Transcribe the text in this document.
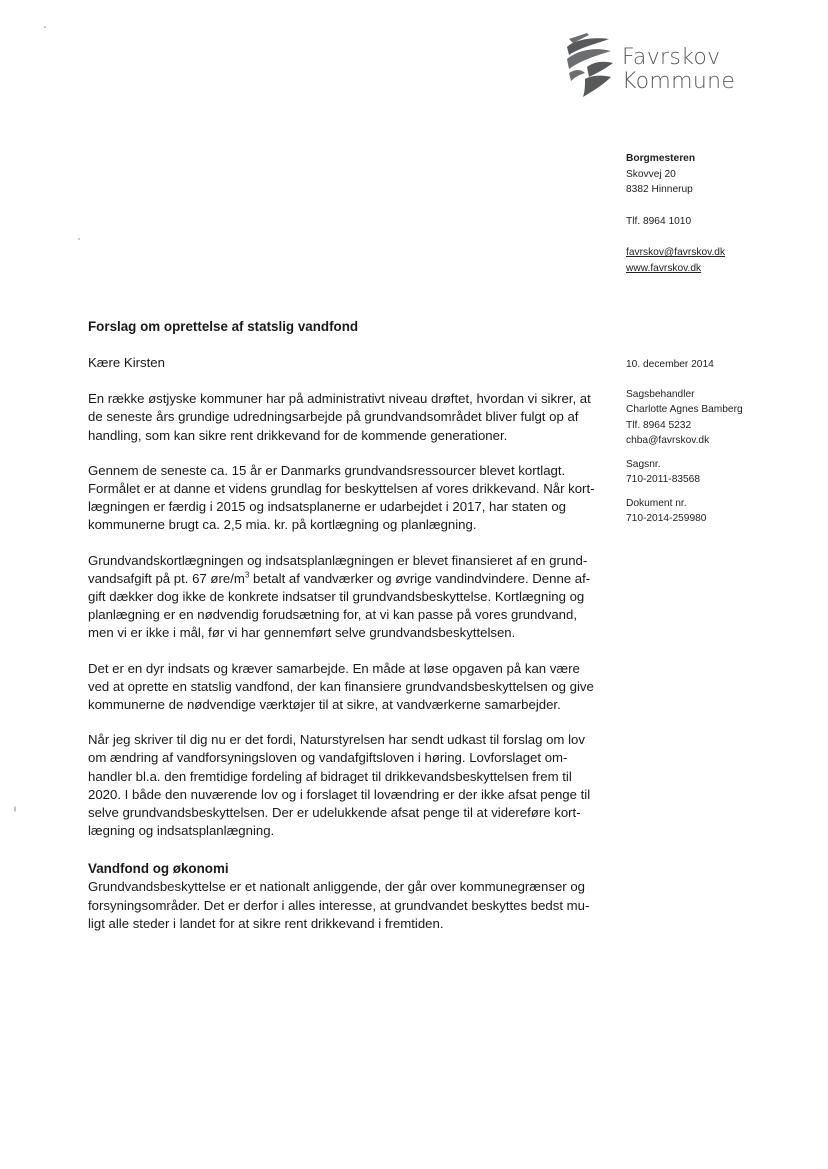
Favrskov
Kommune
Borgmesteren
Skovvej 20
8382 Hinnerup
Tlf. 8964 1010
favrskov@favrskov.dk
www.favrskov.dk
10. december 2014
Sagsbehandler
Charlotte Agnes Bamberg
Tlf. 8964 5232
chba@favrskov.dk
Sagsnr.
710-2011-83568
Dokument nr.
710-2014-259980
Forslag om oprettelse af statslig vandfond

Kære Kirsten

En række østjyske kommuner har på administrativt niveau drøftet, hvordan vi sikrer, at
de seneste års grundige udredningsarbejde på grundvandsområdet bliver fulgt op af
handling, som kan sikre rent drikkevand for de kommende generationer.

Gennem de seneste ca. 15 år er Danmarks grundvandsressourcer blevet kortlagt.
Formålet er at danne et videns grundlag for beskyttelsen af vores drikkevand. Når kort-
lægningen er færdig i 2015 og indsatsplanerne er udarbejdet i 2017, har staten og
kommunerne brugt ca. 2,5 mia. kr. på kortlægning og planlægning.

Grundvandskortlægningen og indsatsplanlægningen er blevet finansieret af en grund-
vandsafgift på pt. 67 øre/$m^3$ betalt af vandværker og øvrige vandindvindere. Denne af-
gift dækker dog ikke de konkrete indsatser til grundvandsbeskyttelse. Kortlægning og
planlægning er en nødvendig forudsætning for, at vi kan passe på vores grundvand,
men vi er ikke i mål, før vi har gennemført selve grundvandsbeskyttelsen.

Det er en dyr indsats og kræver samarbejde. En måde at løse opgaven på kan være
ved at oprette en statslig vandfond, der kan finansiere grundvandsbeskyttelsen og give
kommunerne de nødvendige værktøjer til at sikre, at vandværkerne samarbejder.

Når jeg skriver til dig nu er det fordi, Naturstyrelsen har sendt udkast til forslag om lov
om ændring af vandforsyningsloven og vandafgiftsloven i høring. Lovforslaget om-
handler bl.a. den fremtidige fordeling af bidraget til drikkevandsbeskyttelsen frem til
2020. I både den nuværende lov og i forslaget til lovændring er der ikke afsat penge til
selve grundvandsbeskyttelsen. Der er udelukkende afsat penge til at videreføre kort-
lægning og indsatsplanlægning.

Vandfond og økonomi

Grundvandsbeskyttelse er et nationalt anliggende, der går over kommunegrænser og
forsyningsområder. Det er derfor i alles interesse, at grundvandet beskyttes bedst mu-
ligt alle steder i landet for at sikre rent drikkevand i fremtiden.
